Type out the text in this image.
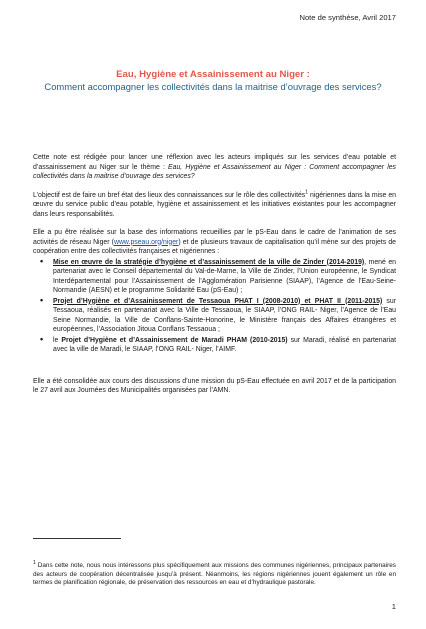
Note de synthèse, Avril 2017
Eau, Hygiène et Assainissement au Niger :
Comment accompagner les collectivités dans la maitrise d’ouvrage des services?

Cette note est rédigée pour lancer une réflexion avec les acteurs impliqués sur les services d’eau potable et d’assainissement au Niger sur le thème : Eau, Hygiène et Assainissement au Niger : Comment accompagner les collectivités dans la maitrise d’ouvrage des services?

L’objectif est de faire un bref état des lieux des connaissances sur le rôle des collectivités$^1$ nigériennes dans la mise en œuvre du service public d’eau potable, hygiène et assainissement et les initiatives existantes pour les accompagner dans leurs responsabilités.

Elle a pu être réalisée sur la base des informations recueillies par le pS-Eau dans le cadre de l’animation de ses activités de réseau Niger (www.pseau.org/niger) et de plusieurs travaux de capitalisation qu’il mène sur des projets de coopération entre des collectivités françaises et nigériennes :

• Mise en œuvre de la stratégie d’hygiène et d’assainissement de la ville de Zinder (2014-2019), mené en partenariat avec le Conseil départemental du Val-de-Marne, la Ville de Zinder, l’Union européenne, le Syndicat Interdépartemental pour l’Assainissement de l’Agglomération Parisienne (SIAAP), l’Agence de l’Eau-Seine-Normandie (AESN) et le programme Solidarité Eau (pS-Eau) ;
• Projet d’Hygiène et d’Assainissement de Tessaoua PHAT I (2008-2010) et PHAT II (2011-2015) sur Tessaoua, réalisés en partenariat avec la Ville de Tessaoua, le SIAAP, l’ONG RAIL- Niger, l’Agence de l’Eau Seine Normandie, la Ville de Conflans-Sainte-Honorine, le Ministère français des Affaires étrangères et européennes, l’Association Jitoua Conflans Tessaoua ;
• le Projet d’Hygiène et d’Assainissement de Maradi PHAM (2010-2015) sur Maradi, réalisé en partenariat avec la ville de Maradi, le SIAAP, l’ONG RAIL- Niger, l’AIMF.

Elle a été consolidée aux cours des discussions d’une mission du pS-Eau effectuée en avril 2017 et de la participation le 27 avril aux Journées des Municipalités organisées par l’AMN.

$^1$ Dans cette note, nous nous intéressons plus spécifiquement aux missions des communes nigériennes, principaux partenaires des acteurs de coopération décentralisée jusqu’à présent. Néanmoins, les régions nigériennes jouent également un rôle en termes de planification régionale, de préservation des ressources en eau et d’hydraulique pastorale.
1
